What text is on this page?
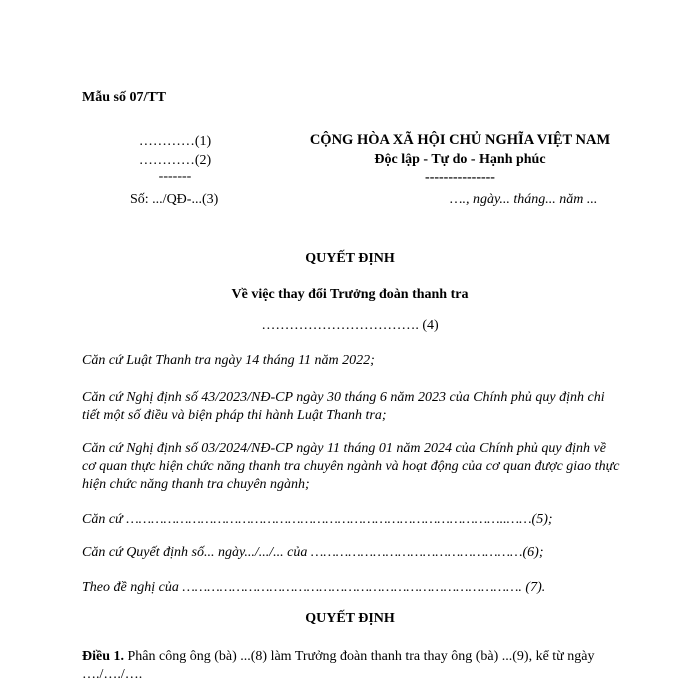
Mẫu số 07/TT
…………(1)
…………(2)
-------
CỘNG HÒA XÃ HỘI CHỦ NGHĨA VIỆT NAM
Độc lập - Tự do - Hạnh phúc
---------------
Số: .../QĐ-...(3)	…., ngày... tháng... năm ...
QUYẾT ĐỊNH
Về việc thay đổi Trưởng đoàn thanh tra
……………………………. (4)
Căn cứ Luật Thanh tra ngày 14 tháng 11 năm 2022;
Căn cứ Nghị định số 43/2023/NĐ-CP ngày 30 tháng 6 năm 2023 của Chính phủ quy định chi tiết một số điều và biện pháp thi hành Luật Thanh tra;
Căn cứ Nghị định số 03/2024/NĐ-CP ngày 11 tháng 01 năm 2024 của Chính phủ quy định về cơ quan thực hiện chức năng thanh tra chuyên ngành và hoạt động của cơ quan được giao thực hiện chức năng thanh tra chuyên ngành;
Căn cứ ………………………………………………………………………………..……(5);
Căn cứ Quyết định số... ngày.../.../... của ……………………………………………(6);
Theo đề nghị của ………………………………………………………………………. (7).
QUYẾT ĐỊNH
Điều 1. Phân công ông (bà) ...(8) làm Trưởng đoàn thanh tra thay ông (bà) ...(9), kể từ ngày …./…./….
